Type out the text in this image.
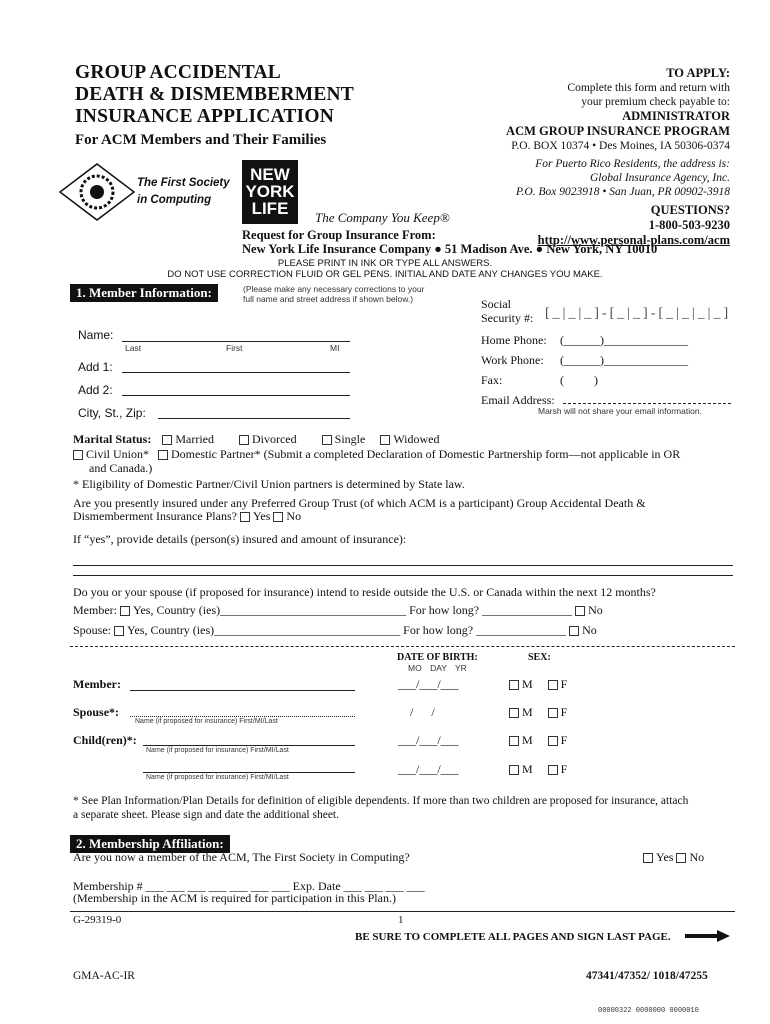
GROUP ACCIDENTAL
DEATH & DISMEMBERMENT
INSURANCE APPLICATION
For ACM Members and Their Families
TO APPLY:
Complete this form and return with
your premium check payable to:
ADMINISTRATOR
ACM GROUP INSURANCE PROGRAM
P.O. BOX 10374 • Des Moines, IA 50306-0374
For Puerto Rico Residents, the address is:
Global Insurance Agency, Inc.
P.O. Box 9023918 • San Juan, PR 00902-3918
QUESTIONS?
1-800-503-9230
http://www.personal-plans.com/acm
The First Society
in Computing
NEW
YORK
LIFE	The Company You Keep®
Request for Group Insurance From:
New York Life Insurance Company ● 51 Madison Ave. ● New York, NY 10010
PLEASE PRINT IN INK OR TYPE ALL ANSWERS.
DO NOT USE CORRECTION FLUID OR GEL PENS. INITIAL AND DATE ANY CHANGES YOU MAKE.
1. Member Information:	(Please make any necessary corrections to your
full name and street address if shown below.)
Name:
Last	First	MI
Add 1:
Add 2:
City, St., Zip:
Social
Security #: [_|_|_]-[_|_]-[_|_|_|_]
Home Phone: (______)______________
Work Phone: (______)______________
Fax:	(          )
Email Address:
Marsh will not share your email information.
Marital Status: Married	Divorced	Single Widowed
Civil Union* Domestic Partner* (Submit a completed Declaration of Domestic Partnership form—not applicable in OR
and Canada.)
* Eligibility of Domestic Partner/Civil Union partners is determined by State law.
Are you presently insured under any Preferred Group Trust (of which ACM is a participant) Group Accidental Death &
Dismemberment Insurance Plans? Yes No
If “yes”, provide details (person(s) insured and amount of insurance):
Do you or your spouse (if proposed for insurance) intend to reside outside the U.S. or Canada within the next 12 months?
Member: Yes, Country (ies)_______________________________ For how long? _______________ No
Spouse: Yes, Country (ies)_______________________________ For how long? _______________ No
DATE OF BIRTH:
MO DAY YR
SEX:
Member:	___/___/___	M F
Spouse*:
Name (if proposed for insurance) First/MI/Last
/      /	M F
Child(ren)*:
Name (if proposed for insurance) First/MI/Last
___/___/___	M F
Name (if proposed for insurance) First/MI/Last
___/___/___	M F
* See Plan Information/Plan Details for definition of eligible dependents. If more than two children are proposed for insurance, attach
a separate sheet. Please sign and date the additional sheet.
2. Membership Affiliation:
Are you now a member of the ACM, The First Society in Computing?	Yes No
Membership # ___ ___ ___ ___ ___ ___ ___ Exp. Date ___ ___ ___ ___
(Membership in the ACM is required for participation in this Plan.)
G-29319-0	1
BE SURE TO COMPLETE ALL PAGES AND SIGN LAST PAGE.
GMA-AC-IR	47341/47352/ 1018/47255
00000322 0000000 0000010
